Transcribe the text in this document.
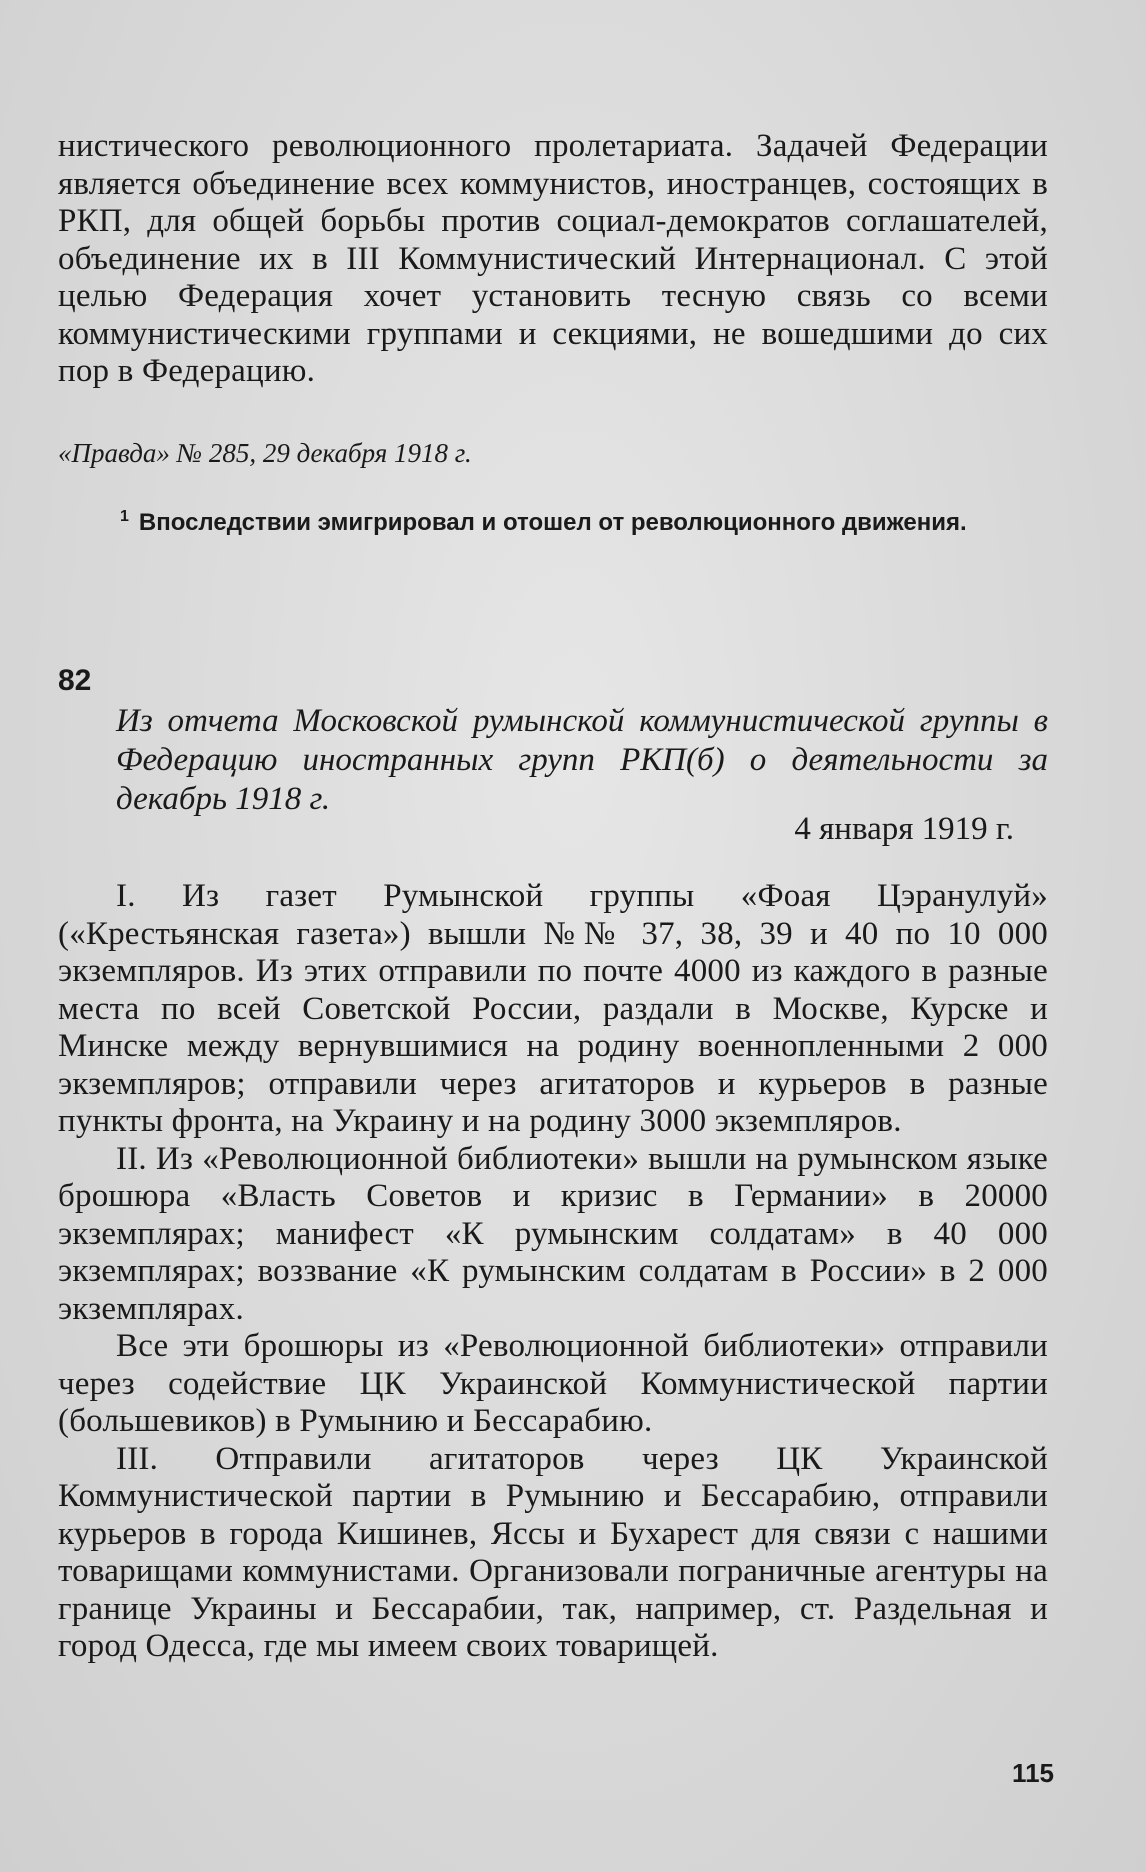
нистического революционного пролетариата. Задачей Федерации является объединение всех коммунистов, иностранцев, состоящих в РКП, для общей борьбы против социал-демократов соглашателей, объединение их в III Коммунистический Интернационал. С этой целью Федерация хочет установить тесную связь со всеми коммунистическими группами и секциями, не вошедшими до сих пор в Федерацию.

«Правда» № 285, 29 декабря 1918 г.

$^1$ Впоследствии эмигрировал и отошел от революционного движения.

82

Из отчета Московской румынской коммунистической группы в Федерацию иностранных групп РКП(б) о деятельности за декабрь 1918 г.

4 января 1919 г.

I. Из газет Румынской группы «Фоая Цэранулуй» («Крестьянская газета») вышли №№ 37, 38, 39 и 40 по 10 000 экземпляров. Из этих отправили по почте 4000 из каждого в разные места по всей Советской России, раздали в Москве, Курске и Минске между вернувшимися на родину военнопленными 2 000 экземпляров; отправили через агитаторов и курьеров в разные пункты фронта, на Украину и на родину 3000 экземпляров.

II. Из «Революционной библиотеки» вышли на румынском языке брошюра «Власть Советов и кризис в Германии» в 20000 экземплярах; манифест «К румынским солдатам» в 40 000 экземплярах; воззвание «К румынским солдатам в России» в 2 000 экземплярах.

Все эти брошюры из «Революционной библиотеки» отправили через содействие ЦК Украинской Коммунистической партии (большевиков) в Румынию и Бессарабию.

III. Отправили агитаторов через ЦК Украинской Коммунистической партии в Румынию и Бессарабию, отправили курьеров в города Кишинев, Яссы и Бухарест для связи с нашими товарищами коммунистами. Организовали пограничные агентуры на границе Украины и Бессарабии, так, например, ст. Раздельная и город Одесса, где мы имеем своих товарищей.

115
